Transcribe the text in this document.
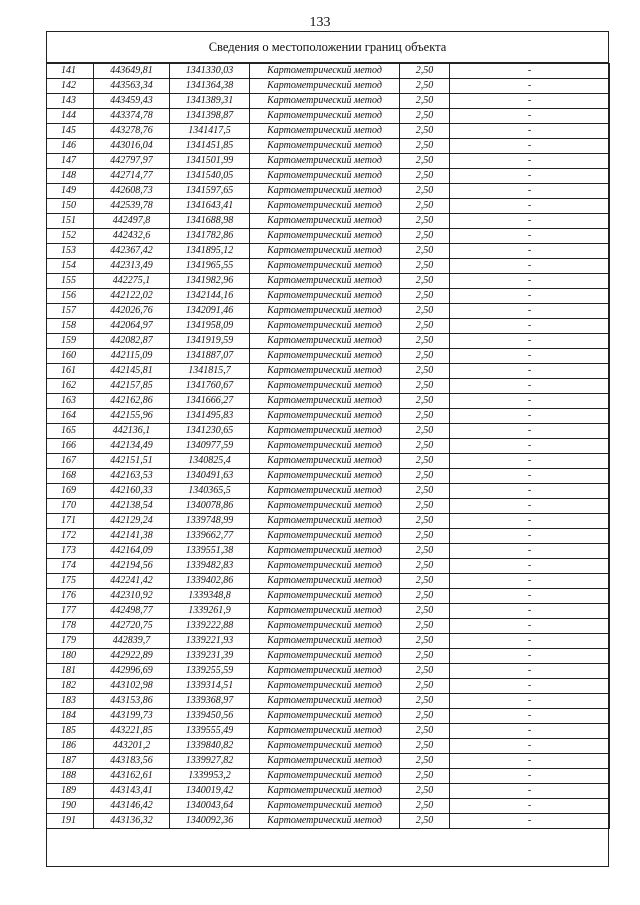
133
Сведения о местоположении границ объекта
141	443649,81	1341330,03	Картометрический метод	2,50	-
142	443563,34	1341364,38	Картометрический метод	2,50	-
143	443459,43	1341389,31	Картометрический метод	2,50	-
144	443374,78	1341398,87	Картометрический метод	2,50	-
145	443278,76	1341417,5	Картометрический метод	2,50	-
146	443016,04	1341451,85	Картометрический метод	2,50	-
147	442797,97	1341501,99	Картометрический метод	2,50	-
148	442714,77	1341540,05	Картометрический метод	2,50	-
149	442608,73	1341597,65	Картометрический метод	2,50	-
150	442539,78	1341643,41	Картометрический метод	2,50	-
151	442497,8	1341688,98	Картометрический метод	2,50	-
152	442432,6	1341782,86	Картометрический метод	2,50	-
153	442367,42	1341895,12	Картометрический метод	2,50	-
154	442313,49	1341965,55	Картометрический метод	2,50	-
155	442275,1	1341982,96	Картометрический метод	2,50	-
156	442122,02	1342144,16	Картометрический метод	2,50	-
157	442026,76	1342091,46	Картометрический метод	2,50	-
158	442064,97	1341958,09	Картометрический метод	2,50	-
159	442082,87	1341919,59	Картометрический метод	2,50	-
160	442115,09	1341887,07	Картометрический метод	2,50	-
161	442145,81	1341815,7	Картометрический метод	2,50	-
162	442157,85	1341760,67	Картометрический метод	2,50	-
163	442162,86	1341666,27	Картометрический метод	2,50	-
164	442155,96	1341495,83	Картометрический метод	2,50	-
165	442136,1	1341230,65	Картометрический метод	2,50	-
166	442134,49	1340977,59	Картометрический метод	2,50	-
167	442151,51	1340825,4	Картометрический метод	2,50	-
168	442163,53	1340491,63	Картометрический метод	2,50	-
169	442160,33	1340365,5	Картометрический метод	2,50	-
170	442138,54	1340078,86	Картометрический метод	2,50	-
171	442129,24	1339748,99	Картометрический метод	2,50	-
172	442141,38	1339662,77	Картометрический метод	2,50	-
173	442164,09	1339551,38	Картометрический метод	2,50	-
174	442194,56	1339482,83	Картометрический метод	2,50	-
175	442241,42	1339402,86	Картометрический метод	2,50	-
176	442310,92	1339348,8	Картометрический метод	2,50	-
177	442498,77	1339261,9	Картометрический метод	2,50	-
178	442720,75	1339222,88	Картометрический метод	2,50	-
179	442839,7	1339221,93	Картометрический метод	2,50	-
180	442922,89	1339231,39	Картометрический метод	2,50	-
181	442996,69	1339255,59	Картометрический метод	2,50	-
182	443102,98	1339314,51	Картометрический метод	2,50	-
183	443153,86	1339368,97	Картометрический метод	2,50	-
184	443199,73	1339450,56	Картометрический метод	2,50	-
185	443221,85	1339555,49	Картометрический метод	2,50	-
186	443201,2	1339840,82	Картометрический метод	2,50	-
187	443183,56	1339927,82	Картометрический метод	2,50	-
188	443162,61	1339953,2	Картометрический метод	2,50	-
189	443143,41	1340019,42	Картометрический метод	2,50	-
190	443146,42	1340043,64	Картометрический метод	2,50	-
191	443136,32	1340092,36	Картометрический метод	2,50	-
